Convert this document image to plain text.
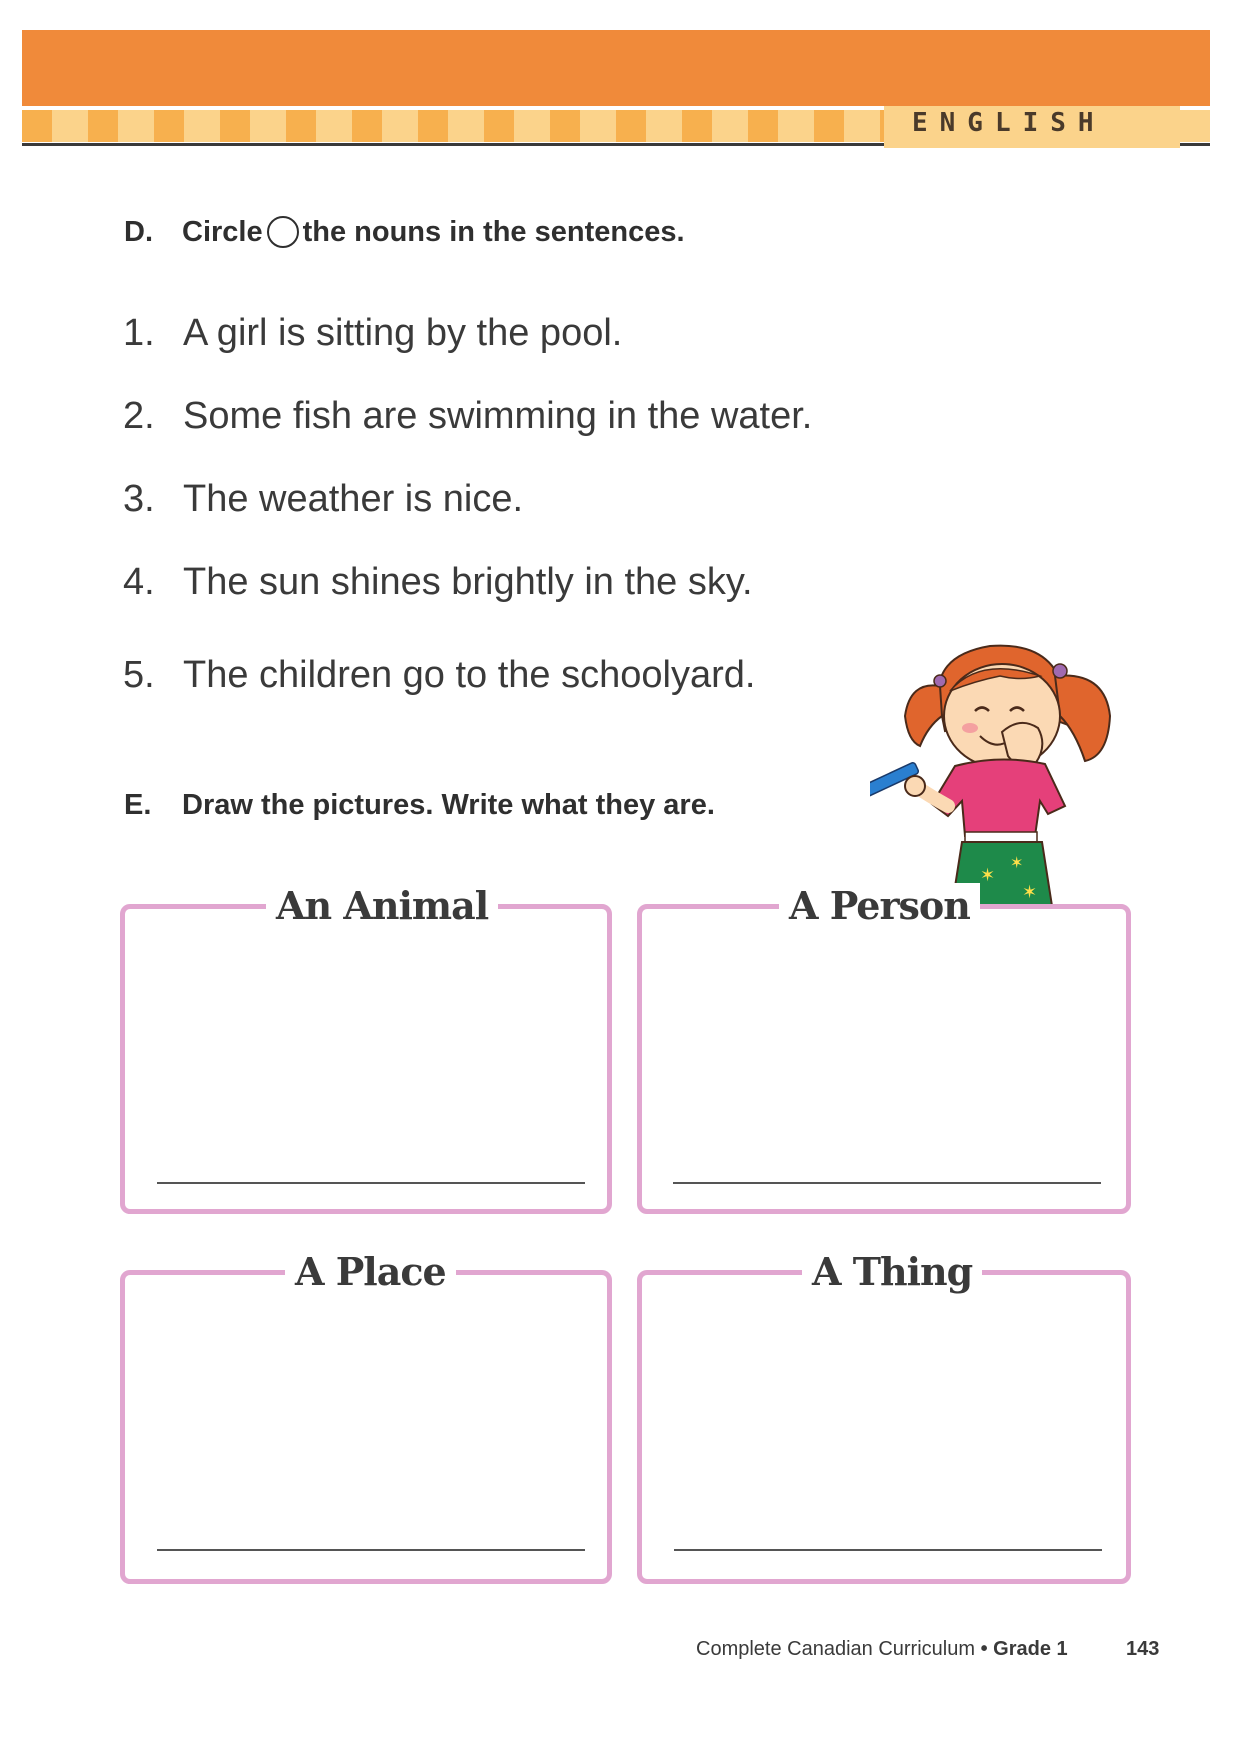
ENGLISH
D. Circle the nouns in the sentences.
1. A girl is sitting by the pool.
2. Some fish are swimming in the water.
3. The weather is nice.
4. The sun shines brightly in the sky.
5. The children go to the schoolyard.
E. Draw the pictures. Write what they are.
✶
✶
✶
An Animal	A Person
A Place	A Thing
Complete Canadian Curriculum • Grade 1	143
